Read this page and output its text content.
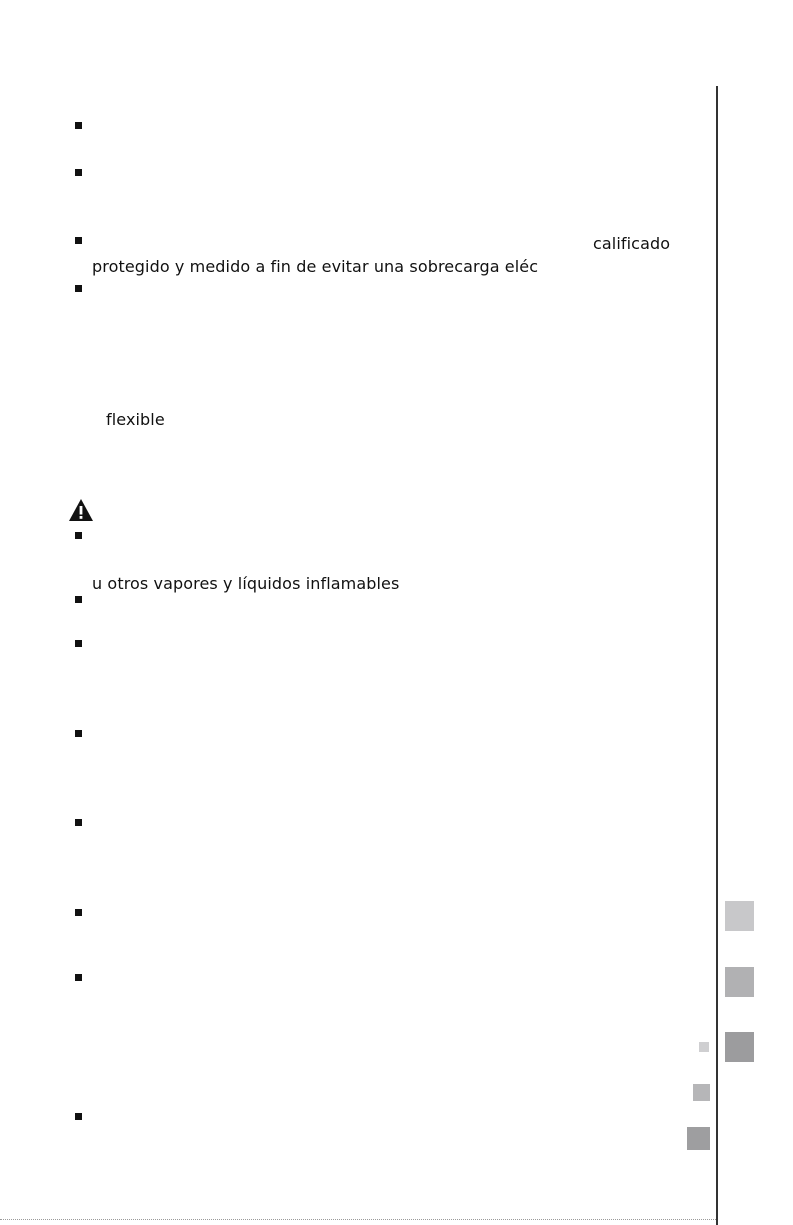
calificado
protegido y medido a fin de evitar una sobrecarga eléc
flexible
u otros vapores y líquidos inflamables
